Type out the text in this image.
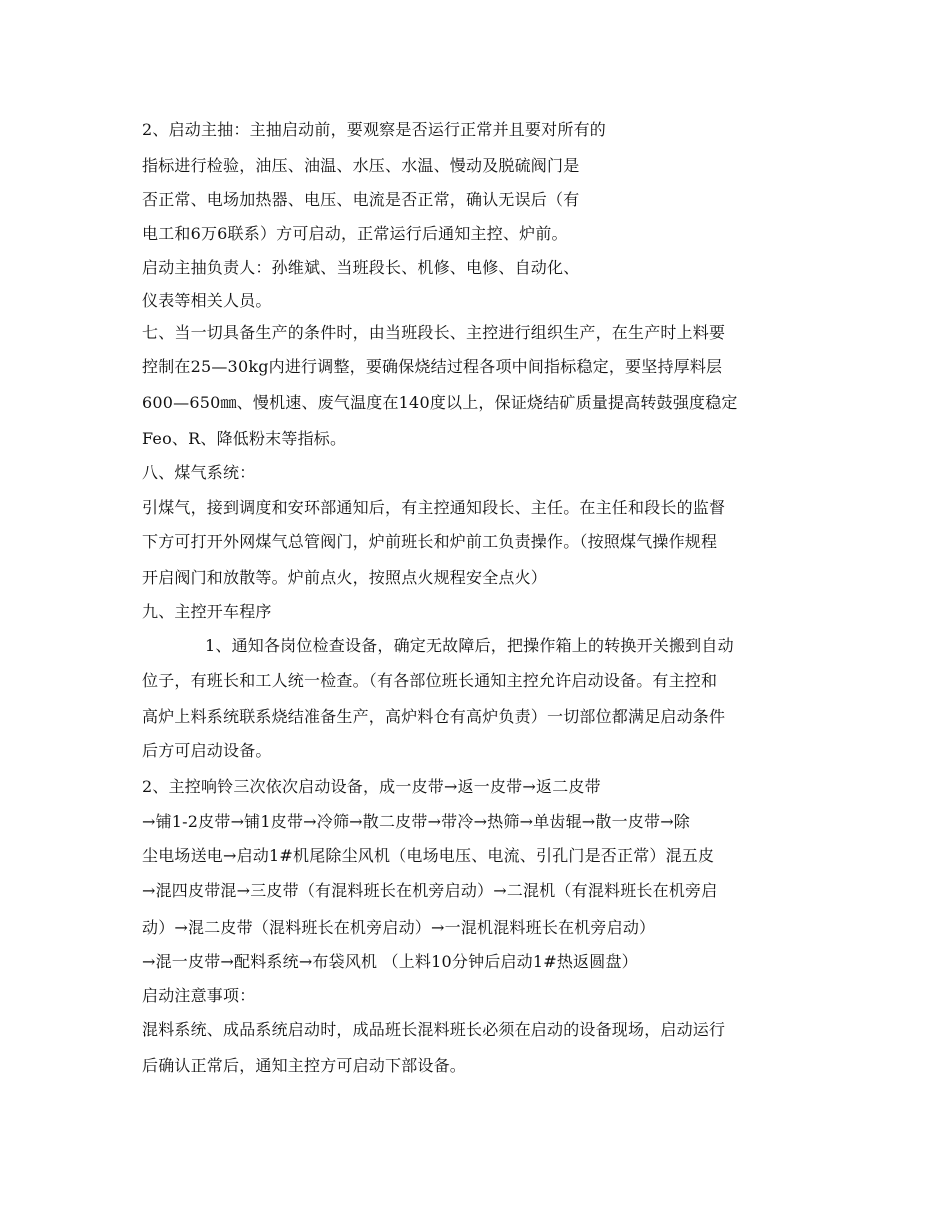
2、启动主抽：主抽启动前，要观察是否运行正常并且要对所有的
指标进行检验，油压、油温、水压、水温、慢动及脱硫阀门是
否正常、电场加热器、电压、电流是否正常，确认无误后（有
电工和6万6联系）方可启动，正常运行后通知主控、炉前。
启动主抽负责人：孙维斌、当班段长、机修、电修、自动化、
仪表等相关人员。
七、当一切具备生产的条件时，由当班段长、主控进行组织生产，在生产时上料要
控制在25—30kg内进行调整，要确保烧结过程各项中间指标稳定，要坚持厚料层
600—650㎜、慢机速、废气温度在140度以上，保证烧结矿质量提高转鼓强度稳定
Feo、R、降低粉末等指标。
八、煤气系统：
引煤气，接到调度和安环部通知后，有主控通知段长、主任。在主任和段长的监督
下方可打开外网煤气总管阀门，炉前班长和炉前工负责操作。（按照煤气操作规程
开启阀门和放散等。炉前点火，按照点火规程安全点火）
九、主控开车程序
1、通知各岗位检查设备，确定无故障后，把操作箱上的转换开关搬到自动
位子，有班长和工人统一检查。（有各部位班长通知主控允许启动设备。有主控和
高炉上料系统联系烧结准备生产，高炉料仓有高炉负责）一切部位都满足启动条件
后方可启动设备。
2、主控响铃三次依次启动设备，成一皮带→返一皮带→返二皮带
→铺1-2皮带→铺1皮带→冷筛→散二皮带→带冷→热筛→单齿辊→散一皮带→除
尘电场送电→启动1#机尾除尘风机（电场电压、电流、引孔门是否正常）混五皮
→混四皮带混→三皮带（有混料班长在机旁启动）→二混机（有混料班长在机旁启
动）→混二皮带（混料班长在机旁启动）→一混机混料班长在机旁启动）
→混一皮带→配料系统→布袋风机 （上料10分钟后启动1#热返圆盘）
启动注意事项：
混料系统、成品系统启动时，成品班长混料班长必须在启动的设备现场，启动运行
后确认正常后，通知主控方可启动下部设备。
